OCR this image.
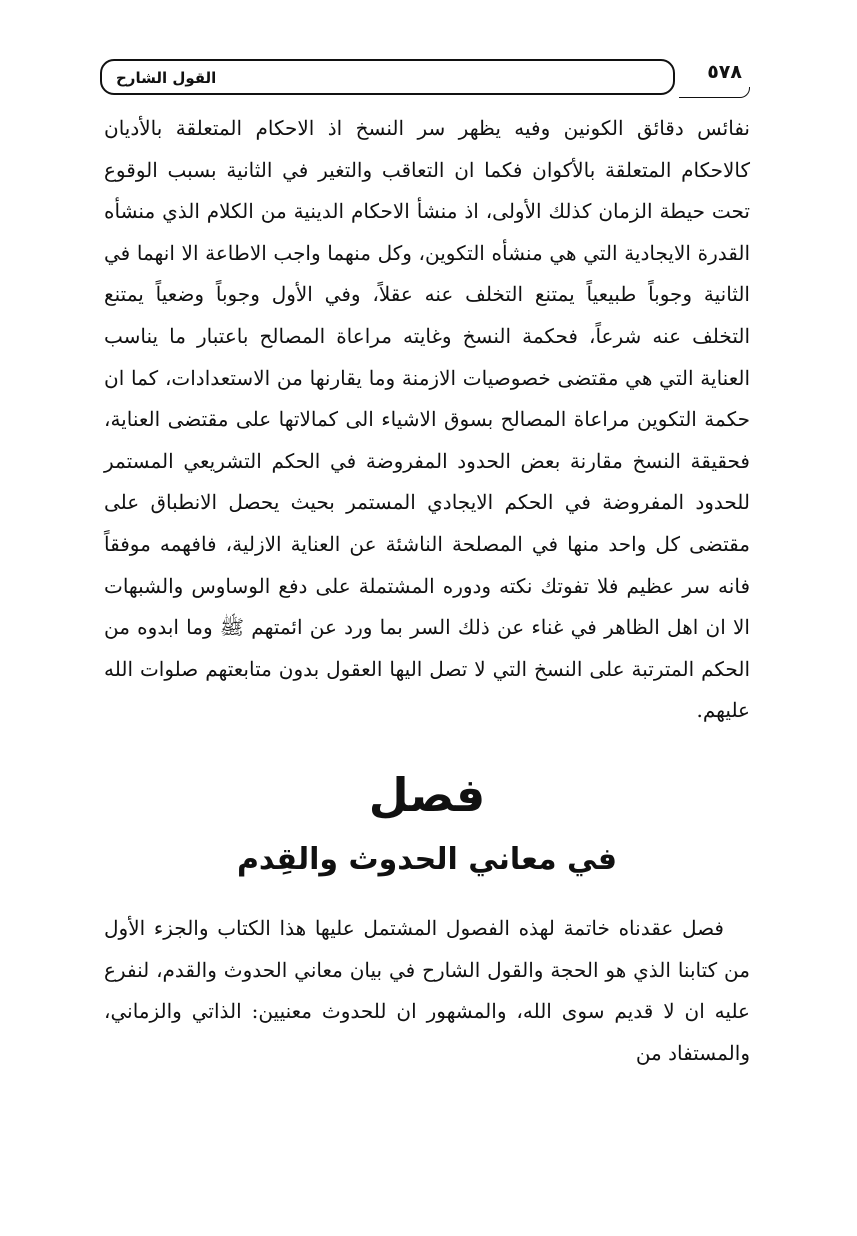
القول الشارح	٥٧٨

نفائس دقائق الكونين وفيه يظهر سر النسخ اذ الاحكام المتعلقة بالأديان كالاحكام المتعلقة بالأكوان فكما ان التعاقب والتغير في الثانية بسبب الوقوع تحت حيطة الزمان كذلك الأولى، اذ منشأ الاحكام الدينية من الكلام الذي منشأه القدرة الايجادية التي هي منشأه التكوين، وكل منهما واجب الاطاعة الا انهما في الثانية وجوباً طبيعياً يمتنع التخلف عنه عقلاً، وفي الأول وجوباً وضعياً يمتنع التخلف عنه شرعاً، فحكمة النسخ وغايته مراعاة المصالح باعتبار ما يناسب العناية التي هي مقتضى خصوصيات الازمنة وما يقارنها من الاستعدادات، كما ان حكمة التكوين مراعاة المصالح بسوق الاشياء الى كمالاتها على مقتضى العناية، فحقيقة النسخ مقارنة بعض الحدود المفروضة في الحكم التشريعي المستمر للحدود المفروضة في الحكم الايجادي المستمر بحيث يحصل الانطباق على مقتضى كل واحد منها في المصلحة الناشئة عن العناية الازلية، فافهمه موفقاً فانه سر عظيم فلا تفوتك نكته ودوره المشتملة على دفع الوساوس والشبهات الا ان اهل الظاهر في غناء عن ذلك السر بما ورد عن ائمتهم ﷺ وما ابدوه من الحكم المترتبة على النسخ التي لا تصل اليها العقول بدون متابعتهم صلوات الله عليهم.

فصل
في معاني الحدوث والقِدم

فصل عقدناه خاتمة لهذه الفصول المشتمل عليها هذا الكتاب والجزء الأول من كتابنا الذي هو الحجة والقول الشارح في بيان معاني الحدوث والقدم، لنفرع عليه ان لا قديم سوى الله، والمشهور ان للحدوث معنيين: الذاتي والزماني، والمستفاد من
